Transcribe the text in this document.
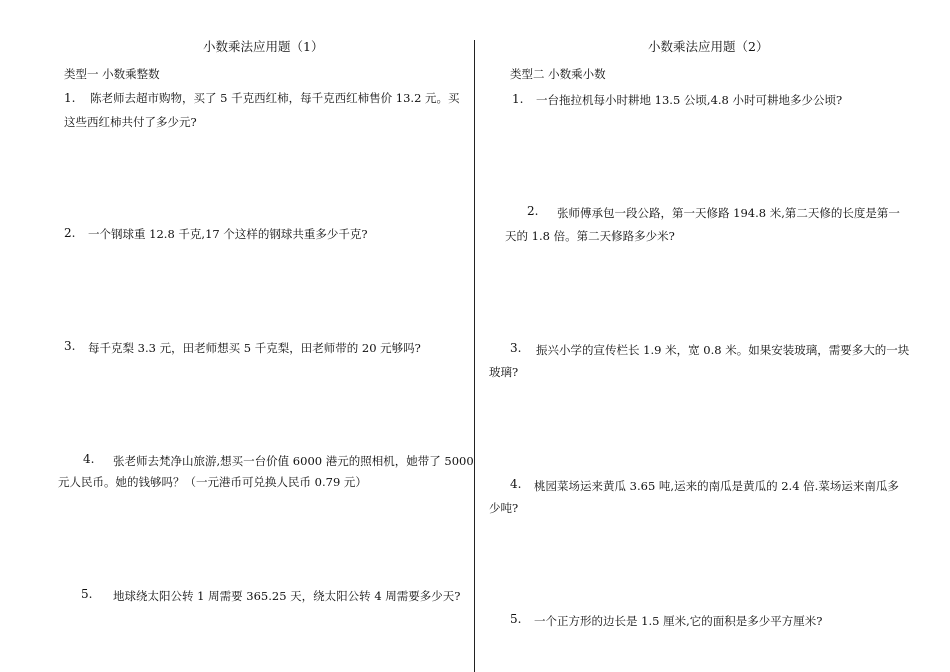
小数乘法应用题（1）
类型一 小数乘整数
1. 陈老师去超市购物，买了 5 千克西红柿，每千克西红柿售价 13.2 元。买
这些西红柿共付了多少元?
2. 一个钢球重 12.8 千克,17 个这样的钢球共重多少千克?
3. 每千克梨 3.3 元，田老师想买 5 千克梨，田老师带的 20 元够吗?
4. 张老师去梵净山旅游,想买一台价值 6000 港元的照相机，她带了 5000
元人民币。她的钱够吗？（一元港币可兑换人民币 0.79 元）
5. 地球绕太阳公转 1 周需要 365.25 天，绕太阳公转 4 周需要多少天?
小数乘法应用题（2）
类型二 小数乘小数
1. 一台拖拉机每小时耕地 13.5 公顷,4.8 小时可耕地多少公顷?
2. 张师傅承包一段公路，第一天修路 194.8 米,第二天修的长度是第一
天的 1.8 倍。第二天修路多少米?
3. 振兴小学的宣传栏长 1.9 米，宽 0.8 米。如果安装玻璃，需要多大的一块
玻璃?
4. 桃园菜场运来黄瓜 3.65 吨,运来的南瓜是黄瓜的 2.4 倍.菜场运来南瓜多
少吨?
5. 一个正方形的边长是 1.5 厘米,它的面积是多少平方厘米?
